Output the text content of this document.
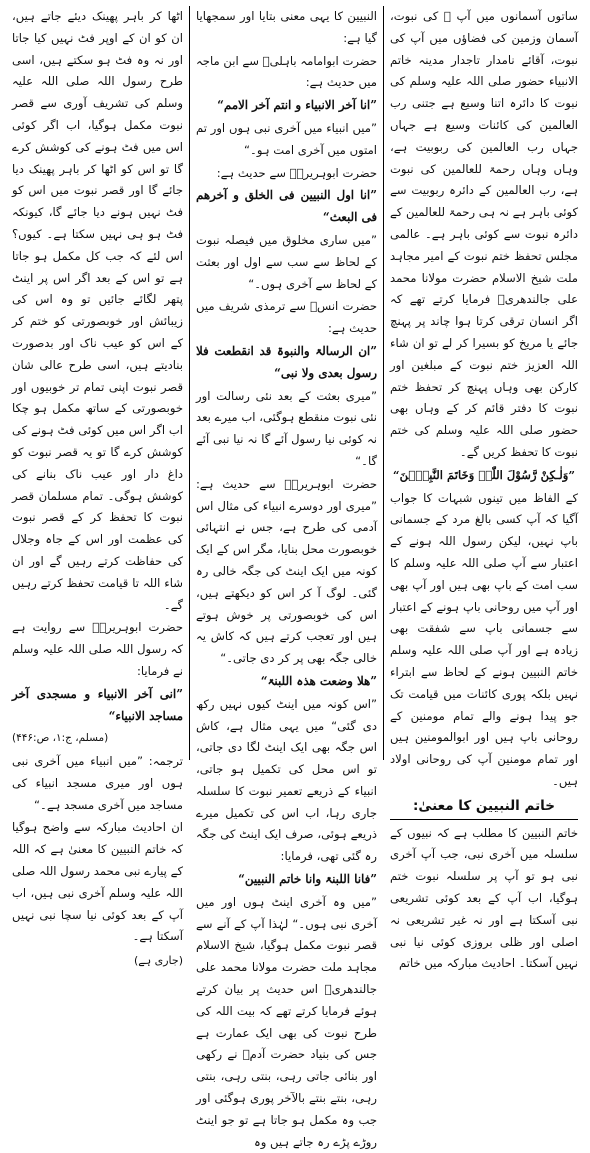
ساتوں آسمانوں میں آپ ؐ کی نبوت، آسمان وزمین کی فضاؤں میں آپ کی نبوت، آقائے نامدار تاجدار مدینہ خاتم الانبیاء حضور صلی اللہ علیہ وسلم کی نبوت کا دائرہ اتنا وسیع ہے جتنی رب العالمین کی کائنات وسیع ہے جہاں جہاں رب العالمین کی ربوبیت ہے، وہاں وہاں رحمۃ للعالمین کی نبوت ہے، رب العالمین کے دائرہ ربوبیت سے کوئی باہر ہے نہ ہی رحمۃ للعالمین کے دائرہ نبوت سے کوئی باہر ہے۔ عالمی مجلس تحفظ ختم نبوت کے امیر مجاہد ملت شیخ الاسلام حضرت مولانا محمد علی جالندھریؒ فرمایا کرتے تھے کہ اگر انسان ترقی کرتا ہوا چاند پر پہنچ جائے یا مریخ کو بسیرا کر لے تو ان شاء اللہ العزیز ختم نبوت کے مبلغین اور کارکن بھی وہاں پہنچ کر تحفظ ختم نبوت کا دفتر قائم کر کے وہاں بھی حضور صلی اللہ علیہ وسلم کی ختم نبوت کا تحفظ کریں گے۔

”وَلٰـکِنْ رَّسُوْلَ اللّٰہِ وَخَاتَمَ النَّبِیّٖنَ“

کے الفاظ میں تینوں شبہات کا جواب آگیا کہ آپ کسی بالغ مرد کے جسمانی باپ نہیں، لیکن رسول اللہ ہونے کے اعتبار سے آپ صلی اللہ علیہ وسلم کا سب امت کے باپ بھی ہیں اور آپ بھی اور آپ میں روحانی باپ ہونے کے اعتبار سے جسمانی باپ سے شفقت بھی زیادہ ہے اور آپ صلی اللہ علیہ وسلم خاتم النبیین ہونے کے لحاظ سے ابتراء نہیں بلکہ پوری کائنات میں قیامت تک جو پیدا ہونے والے تمام مومنین کے روحانی باپ ہیں اور ابوالمومنین ہیں اور تمام مومنین آپ کی روحانی اولاد ہیں۔

خاتم النبیین کا معنیٰ:

خاتم النبیین کا مطلب ہے کہ نبیوں کے سلسلہ میں آخری نبی، جب آپ آخری نبی ہو تو آپ پر سلسلہ نبوت ختم ہوگیا، اب آپ کے بعد کوئی تشریعی نبی آسکتا ہے اور نہ غیر تشریعی نہ اصلی اور ظلی بروزی کوئی نیا نبی نہیں آسکتا۔ احادیث مبارکہ میں خاتم

النبیین کا یہی معنی بتایا اور سمجھایا گیا ہے:

حضرت ابوامامہ باہلیؓ سے ابن ماجہ میں حدیث ہے:

”انا آخر الانبیاء و انتم آخر الامم“

”میں انبیاء میں آخری نبی ہوں اور تم امتوں میں آخری امت ہو۔“

حضرت ابوہریرہؓ سے حدیث ہے:

”انا اول النبیین فی الخلق و آخرھم فی البعث“

”میں ساری مخلوق میں فیصلہ نبوت کے لحاظ سے سب سے اول اور بعثت کے لحاظ سے آخری ہوں۔“

حضرت انسؓ سے ترمذی شریف میں حدیث ہے:

”ان الرسالۃ والنبوۃ قد انقطعت فلا رسول بعدی ولا نبی“

”میری بعثت کے بعد نئی رسالت اور نئی نبوت منقطع ہوگئی، اب میرے بعد نہ کوئی نیا رسول آئے گا نہ نیا نبی آئے گا۔“

حضرت ابوہریرہؓ سے حدیث ہے: ”میری اور دوسرے انبیاء کی مثال اس آدمی کی طرح ہے، جس نے انتہائی خوبصورت محل بنایا، مگر اس کے ایک کونہ میں ایک اینٹ کی جگہ خالی رہ گئی۔ لوگ آ کر اس کو دیکھتے ہیں، اس کی خوبصورتی پر خوش ہوتے ہیں اور تعجب کرتے ہیں کہ کاش یہ خالی جگہ بھی پر کر دی جاتی۔“

”ھلا وضعت ھذہ اللبنۃ“

”اس کونہ میں اینٹ کیوں نہیں رکھ دی گئی“ میں یہی مثال ہے، کاش اس جگہ بھی ایک اینٹ لگا دی جاتی، تو اس محل کی تکمیل ہو جاتی، انبیاء کے ذریعے تعمیر نبوت کا سلسلہ جاری رہا، اب اس کی تکمیل میرے ذریعے ہوئی، صرف ایک اینٹ کی جگہ رہ گئی تھی، فرمایا:

”فانا اللبنۃ وانا خاتم النبیین“

”میں وہ آخری اینٹ ہوں اور میں آخری نبی ہوں۔“ لہٰذا آپ کے آنے سے قصر نبوت مکمل ہوگیا، شیخ الاسلام مجاہد ملت حضرت مولانا محمد علی جالندھریؒ اس حدیث پر بیان کرتے ہوئے فرمایا کرتے تھے کہ بیت اللہ کی طرح نبوت کی بھی ایک عمارت ہے جس کی بنیاد حضرت آدمؑ نے رکھی اور بنائی جاتی رہی، بنتی رہی، بنتی رہی، بنتے بنتے بالآخر پوری ہوگئی اور جب وہ مکمل ہو جاتا ہے تو جو اینٹ روڑے پڑے رہ جاتے ہیں وہ

اٹھا کر باہر پھینک دیئے جاتے ہیں، ان کو ان کے اوپر فٹ نہیں کیا جاتا اور نہ وہ فٹ ہو سکتے ہیں، اسی طرح رسول اللہ صلی اللہ علیہ وسلم کی تشریف آوری سے قصر نبوت مکمل ہوگیا، اب اگر کوئی اس میں فٹ ہونے کی کوشش کرے گا تو اس کو اٹھا کر باہر پھینک دیا جائے گا اور قصر نبوت میں اس کو فٹ نہیں ہونے دیا جائے گا، کیونکہ فٹ ہو ہی نہیں سکتا ہے۔ کیوں؟ اس لئے کہ جب کل مکمل ہو جاتا ہے تو اس کے بعد اگر اس پر اینٹ پتھر لگائے جائیں تو وہ اس کی زیبائش اور خوبصورتی کو ختم کر کے اس کو عیب ناک اور بدصورت بنادیتے ہیں، اسی طرح عالی شان قصر نبوت اپنی تمام تر خوبیوں اور خوبصورتی کے ساتھ مکمل ہو چکا اب اگر اس میں کوئی فٹ ہونے کی کوشش کرے گا تو یہ قصر نبوت کو داغ دار اور عیب ناک بنانے کی کوشش ہوگی۔ تمام مسلمان قصر نبوت کا تحفظ کر کے قصر نبوت کی عظمت اور اس کے جاہ وجلال کی حفاظت کرتے رہیں گے اور ان شاء اللہ تا قیامت تحفظ کرتے رہیں گے۔

حضرت ابوہریرہؓ سے روایت ہے کہ رسول اللہ صلی اللہ علیہ وسلم نے فرمایا:

”انی آخر الانبیاء و مسجدی آخر مساجد الانبیاء“

(مسلم، ج:۱، ص:۴۴۶)

ترجمہ: ”میں انبیاء میں آخری نبی ہوں اور میری مسجد انبیاء کی مساجد میں آخری مسجد ہے۔“

ان احادیث مبارکہ سے واضح ہوگیا کہ خاتم النبیین کا معنیٰ ہے کہ اللہ کے پیارے نبی محمد رسول اللہ صلی اللہ علیہ وسلم آخری نبی ہیں، اب آپ کے بعد کوئی نیا سچا نبی نہیں آسکتا ہے۔

(جاری ہے)
